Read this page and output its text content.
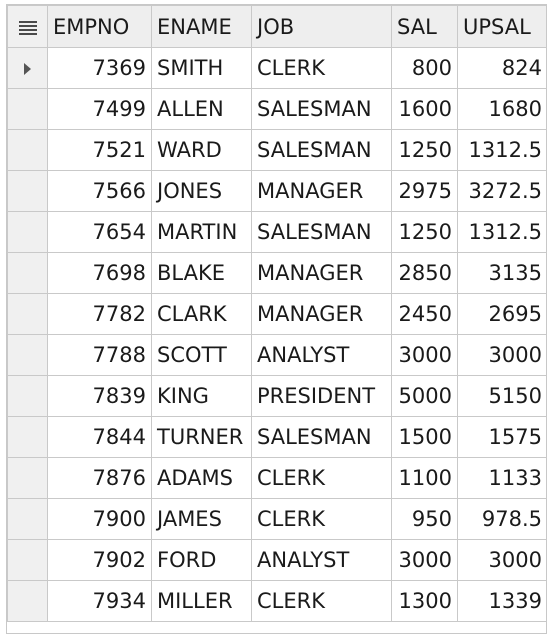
	EMPNO	ENAME	JOB	SAL	UPSAL
	7369	SMITH	CLERK	800	824
	7499	ALLEN	SALESMAN	1600	1680
	7521	WARD	SALESMAN	1250	1312.5
	7566	JONES	MANAGER	2975	3272.5
	7654	MARTIN	SALESMAN	1250	1312.5
	7698	BLAKE	MANAGER	2850	3135
	7782	CLARK	MANAGER	2450	2695
	7788	SCOTT	ANALYST	3000	3000
	7839	KING	PRESIDENT	5000	5150
	7844	TURNER	SALESMAN	1500	1575
	7876	ADAMS	CLERK	1100	1133
	7900	JAMES	CLERK	950	978.5
	7902	FORD	ANALYST	3000	3000
	7934	MILLER	CLERK	1300	1339
